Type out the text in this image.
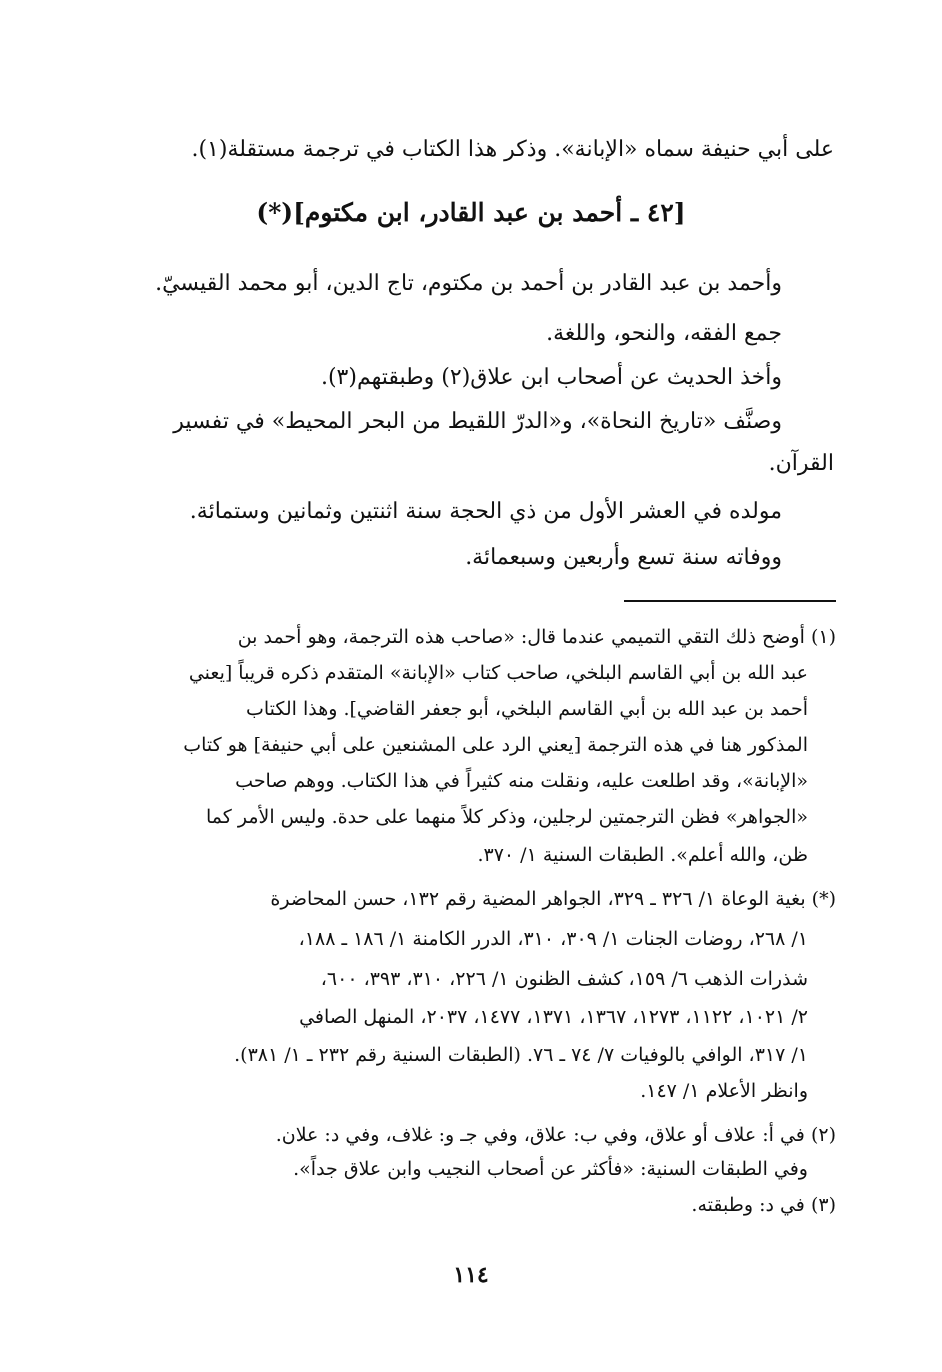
على أبي حنيفة سماه «الإبانة». وذكر هذا الكتاب في ترجمة مستقلة(١).
[٤٢ ـ أحمد بن عبد القادر، ابن مكتوم](*)
وأحمد بن عبد القادر بن أحمد بن مكتوم، تاج الدين، أبو محمد القيسيّ.
جمع الفقه، والنحو، واللغة.
وأخذ الحديث عن أصحاب ابن علاق(٢) وطبقتهم(٣).
وصنَّف «تاريخ النحاة»، و«الدرّ اللقيط من البحر المحيط» في تفسير
القرآن.
مولده في العشر الأول من ذي الحجة سنة اثنتين وثمانين وستمائة.
ووفاته سنة تسع وأربعين وسبعمائة.
(١) أوضح ذلك التقي التميمي عندما قال: «صاحب هذه الترجمة، وهو أحمد بن
عبد الله بن أبي القاسم البلخي، صاحب كتاب «الإبانة» المتقدم ذكره قريباً [يعني
أحمد بن عبد الله بن أبي القاسم البلخي، أبو جعفر القاضي]. وهذا الكتاب
المذكور هنا في هذه الترجمة [يعني الرد على المشنعين على أبي حنيفة] هو كتاب
«الإبانة»، وقد اطلعت عليه، ونقلت منه كثيراً في هذا الكتاب. ووهم صاحب
«الجواهر» فظن الترجمتين لرجلين، وذكر كلاً منهما على حدة. وليس الأمر كما
ظن، والله أعلم». الطبقات السنية ١/ ٣٧٠.
(*) بغية الوعاة ١/ ٣٢٦ ـ ٣٢٩، الجواهر المضية رقم ١٣٢، حسن المحاضرة
١/ ٢٦٨، روضات الجنات ١/ ٣٠٩، ٣١٠، الدرر الكامنة ١/ ١٨٦ ـ ١٨٨،
شذرات الذهب ٦/ ١٥٩، كشف الظنون ١/ ٢٢٦، ٣١٠، ٣٩٣، ٦٠٠،
٢/ ١٠٢١، ١١٢٢، ١٢٧٣، ١٣٦٧، ١٣٧١، ١٤٧٧، ٢٠٣٧، المنهل الصافي
١/ ٣١٧، الوافي بالوفيات ٧/ ٧٤ ـ ٧٦. (الطبقات السنية رقم ٢٣٢ ـ ١/ ٣٨١).
وانظر الأعلام ١/ ١٤٧.
(٢) في أ: علاف أو علاق، وفي ب: علاق، وفي جـ و: غلاف، وفي د: علان.
وفي الطبقات السنية: «فأكثر عن أصحاب النجيب وابن علاق جداً».
(٣) في د: وطبقته.
١١٤
